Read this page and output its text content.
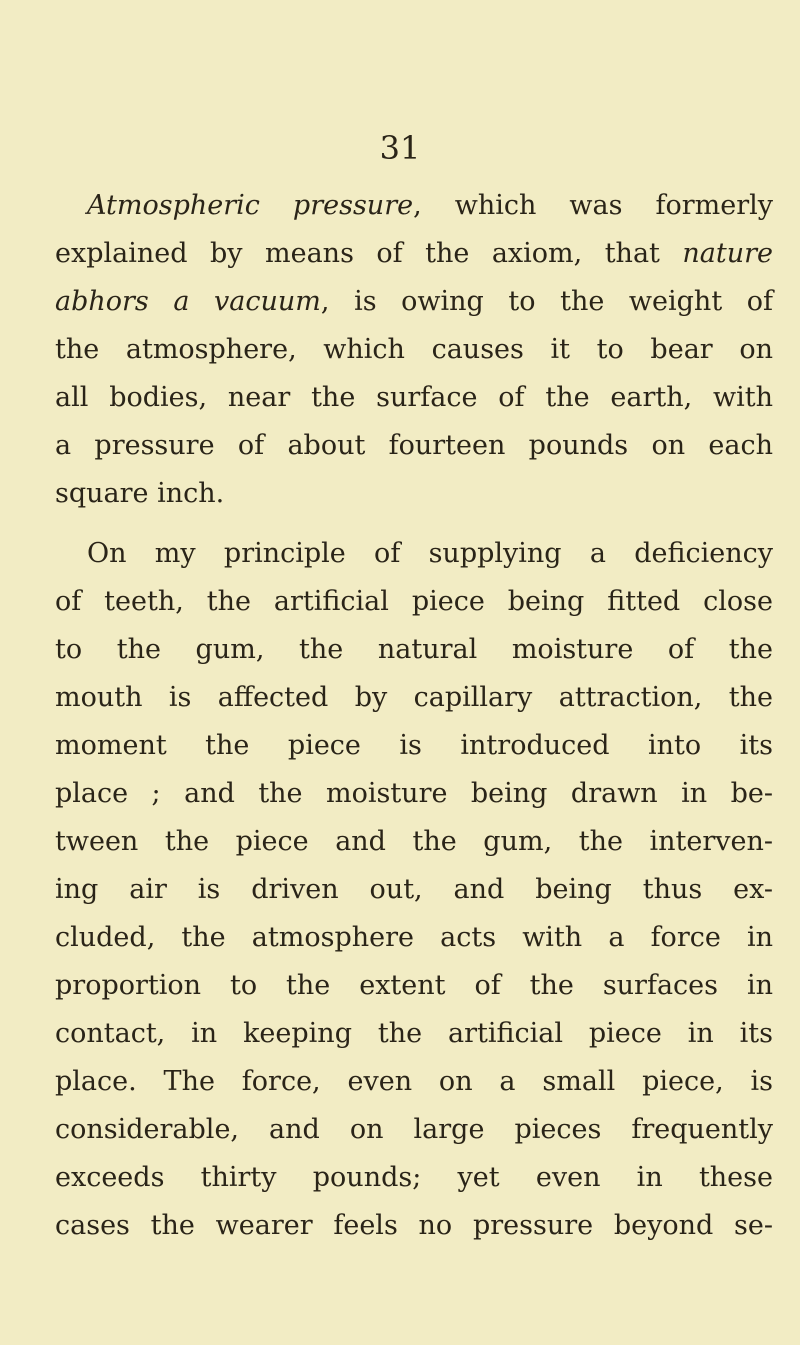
31
Atmospheric pressure, which was formerly
explained by means of the axiom, that nature
abhors a vacuum, is owing to the weight of
the atmosphere, which causes it to bear on
all bodies, near the surface of the earth, with
a pressure of about fourteen pounds on each
square inch.
On my principle of supplying a deficiency
of teeth, the artificial piece being fitted close
to the gum, the natural moisture of the
mouth is affected by capillary attraction, the
moment the piece is introduced into its
place ; and the moisture being drawn in be-
tween the piece and the gum, the interven-
ing air is driven out, and being thus ex-
cluded, the atmosphere acts with a force in
proportion to the extent of the surfaces in
contact, in keeping the artificial piece in its
place. The force, even on a small piece, is
considerable, and on large pieces frequently
exceeds thirty pounds; yet even in these
cases the wearer feels no pressure beyond se-
